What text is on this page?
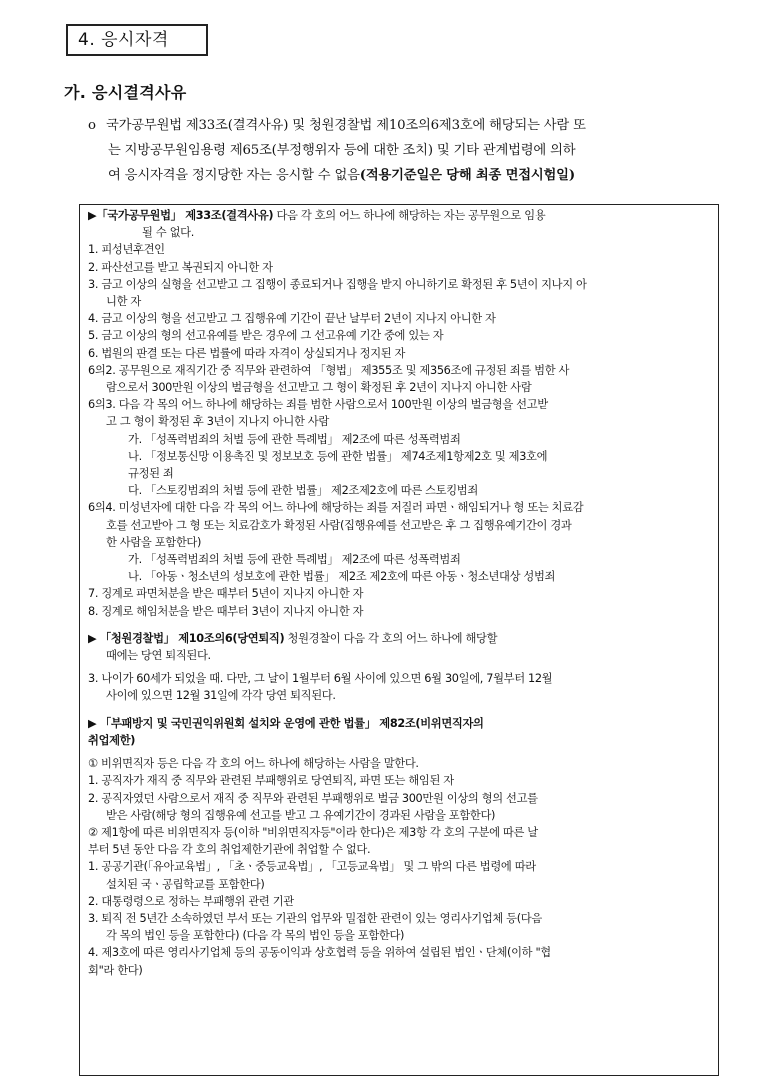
4. 응시자격
가. 응시결격사유
o 국가공무원법 제33조(결격사유) 및 청원경찰법 제10조의6제3호에 해당되는 사람 또
는 지방공무원임용령 제65조(부정행위자 등에 대한 조치) 및 기타 관계법령에 의하
여 응시자격을 정지당한 자는 응시할 수 없음(적용기준일은 당해 최종 면접시험일)
▶「국가공무원법」 제33조(결격사유) 다음 각 호의 어느 하나에 해당하는 자는 공무원으로 임용
될 수 없다.
1. 피성년후견인
2. 파산선고를 받고 복권되지 아니한 자
3. 금고 이상의 실형을 선고받고 그 집행이 종료되거나 집행을 받지 아니하기로 확정된 후 5년이 지나지 아
니한 자
4. 금고 이상의 형을 선고받고 그 집행유예 기간이 끝난 날부터 2년이 지나지 아니한 자
5. 금고 이상의 형의 선고유예를 받은 경우에 그 선고유예 기간 중에 있는 자
6. 법원의 판결 또는 다른 법률에 따라 자격이 상실되거나 정지된 자
6의2. 공무원으로 재직기간 중 직무와 관련하여 「형법」 제355조 및 제356조에 규정된 죄를 범한 사
람으로서 300만원 이상의 벌금형을 선고받고 그 형이 확정된 후 2년이 지나지 아니한 사람
6의3. 다음 각 목의 어느 하나에 해당하는 죄를 범한 사람으로서 100만원 이상의 벌금형을 선고받
고 그 형이 확정된 후 3년이 지나지 아니한 사람
가. 「성폭력범죄의 처벌 등에 관한 특례법」 제2조에 따른 성폭력범죄
나. 「정보통신망 이용촉진 및 정보보호 등에 관한 법률」 제74조제1항제2호 및 제3호에
규정된 죄
다. 「스토킹범죄의 처벌 등에 관한 법률」 제2조제2호에 따른 스토킹범죄
6의4. 미성년자에 대한 다음 각 목의 어느 하나에 해당하는 죄를 저질러 파면ㆍ해임되거나 형 또는 치료감
호를 선고받아 그 형 또는 치료감호가 확정된 사람(집행유예를 선고받은 후 그 집행유예기간이 경과
한 사람을 포함한다)
가. 「성폭력범죄의 처벌 등에 관한 특례법」 제2조에 따른 성폭력범죄
나. 「아동ㆍ청소년의 성보호에 관한 법률」 제2조 제2호에 따른 아동ㆍ청소년대상 성범죄
7. 징계로 파면처분을 받은 때부터 5년이 지나지 아니한 자
8. 징계로 해임처분을 받은 때부터 3년이 지나지 아니한 자
▶ 「청원경찰법」 제10조의6(당연퇴직) 청원경찰이 다음 각 호의 어느 하나에 해당할
때에는 당연 퇴직된다.
3. 나이가 60세가 되었을 때. 다만, 그 날이 1월부터 6월 사이에 있으면 6월 30일에, 7월부터 12월
사이에 있으면 12월 31일에 각각 당연 퇴직된다.
▶ 「부패방지 및 국민권익위원회 설치와 운영에 관한 법률」 제82조(비위면직자의
취업제한)
① 비위면직자 등은 다음 각 호의 어느 하나에 해당하는 사람을 말한다.
1. 공직자가 재직 중 직무와 관련된 부패행위로 당연퇴직, 파면 또는 해임된 자
2. 공직자였던 사람으로서 재직 중 직무와 관련된 부패행위로 벌금 300만원 이상의 형의 선고를
받은 사람(해당 형의 집행유예 선고를 받고 그 유예기간이 경과된 사람을 포함한다)
② 제1항에 따른 비위면직자 등(이하 "비위면직자등"이라 한다)은 제3항 각 호의 구분에 따른 날
부터 5년 동안 다음 각 호의 취업제한기관에 취업할 수 없다.
1. 공공기관(「유아교육법」, 「초ㆍ중등교육법」, 「고등교육법」 및 그 밖의 다른 법령에 따라
설치된 국ㆍ공립학교를 포함한다)
2. 대통령령으로 정하는 부패행위 관련 기관
3. 퇴직 전 5년간 소속하였던 부서 또는 기관의 업무와 밀접한 관련이 있는 영리사기업체 등(다음
각 목의 법인 등을 포함한다) (다음 각 목의 법인 등을 포함한다)
4. 제3호에 따른 영리사기업체 등의 공동이익과 상호협력 등을 위하여 설립된 법인ㆍ단체(이하 "협
회"라 한다)
